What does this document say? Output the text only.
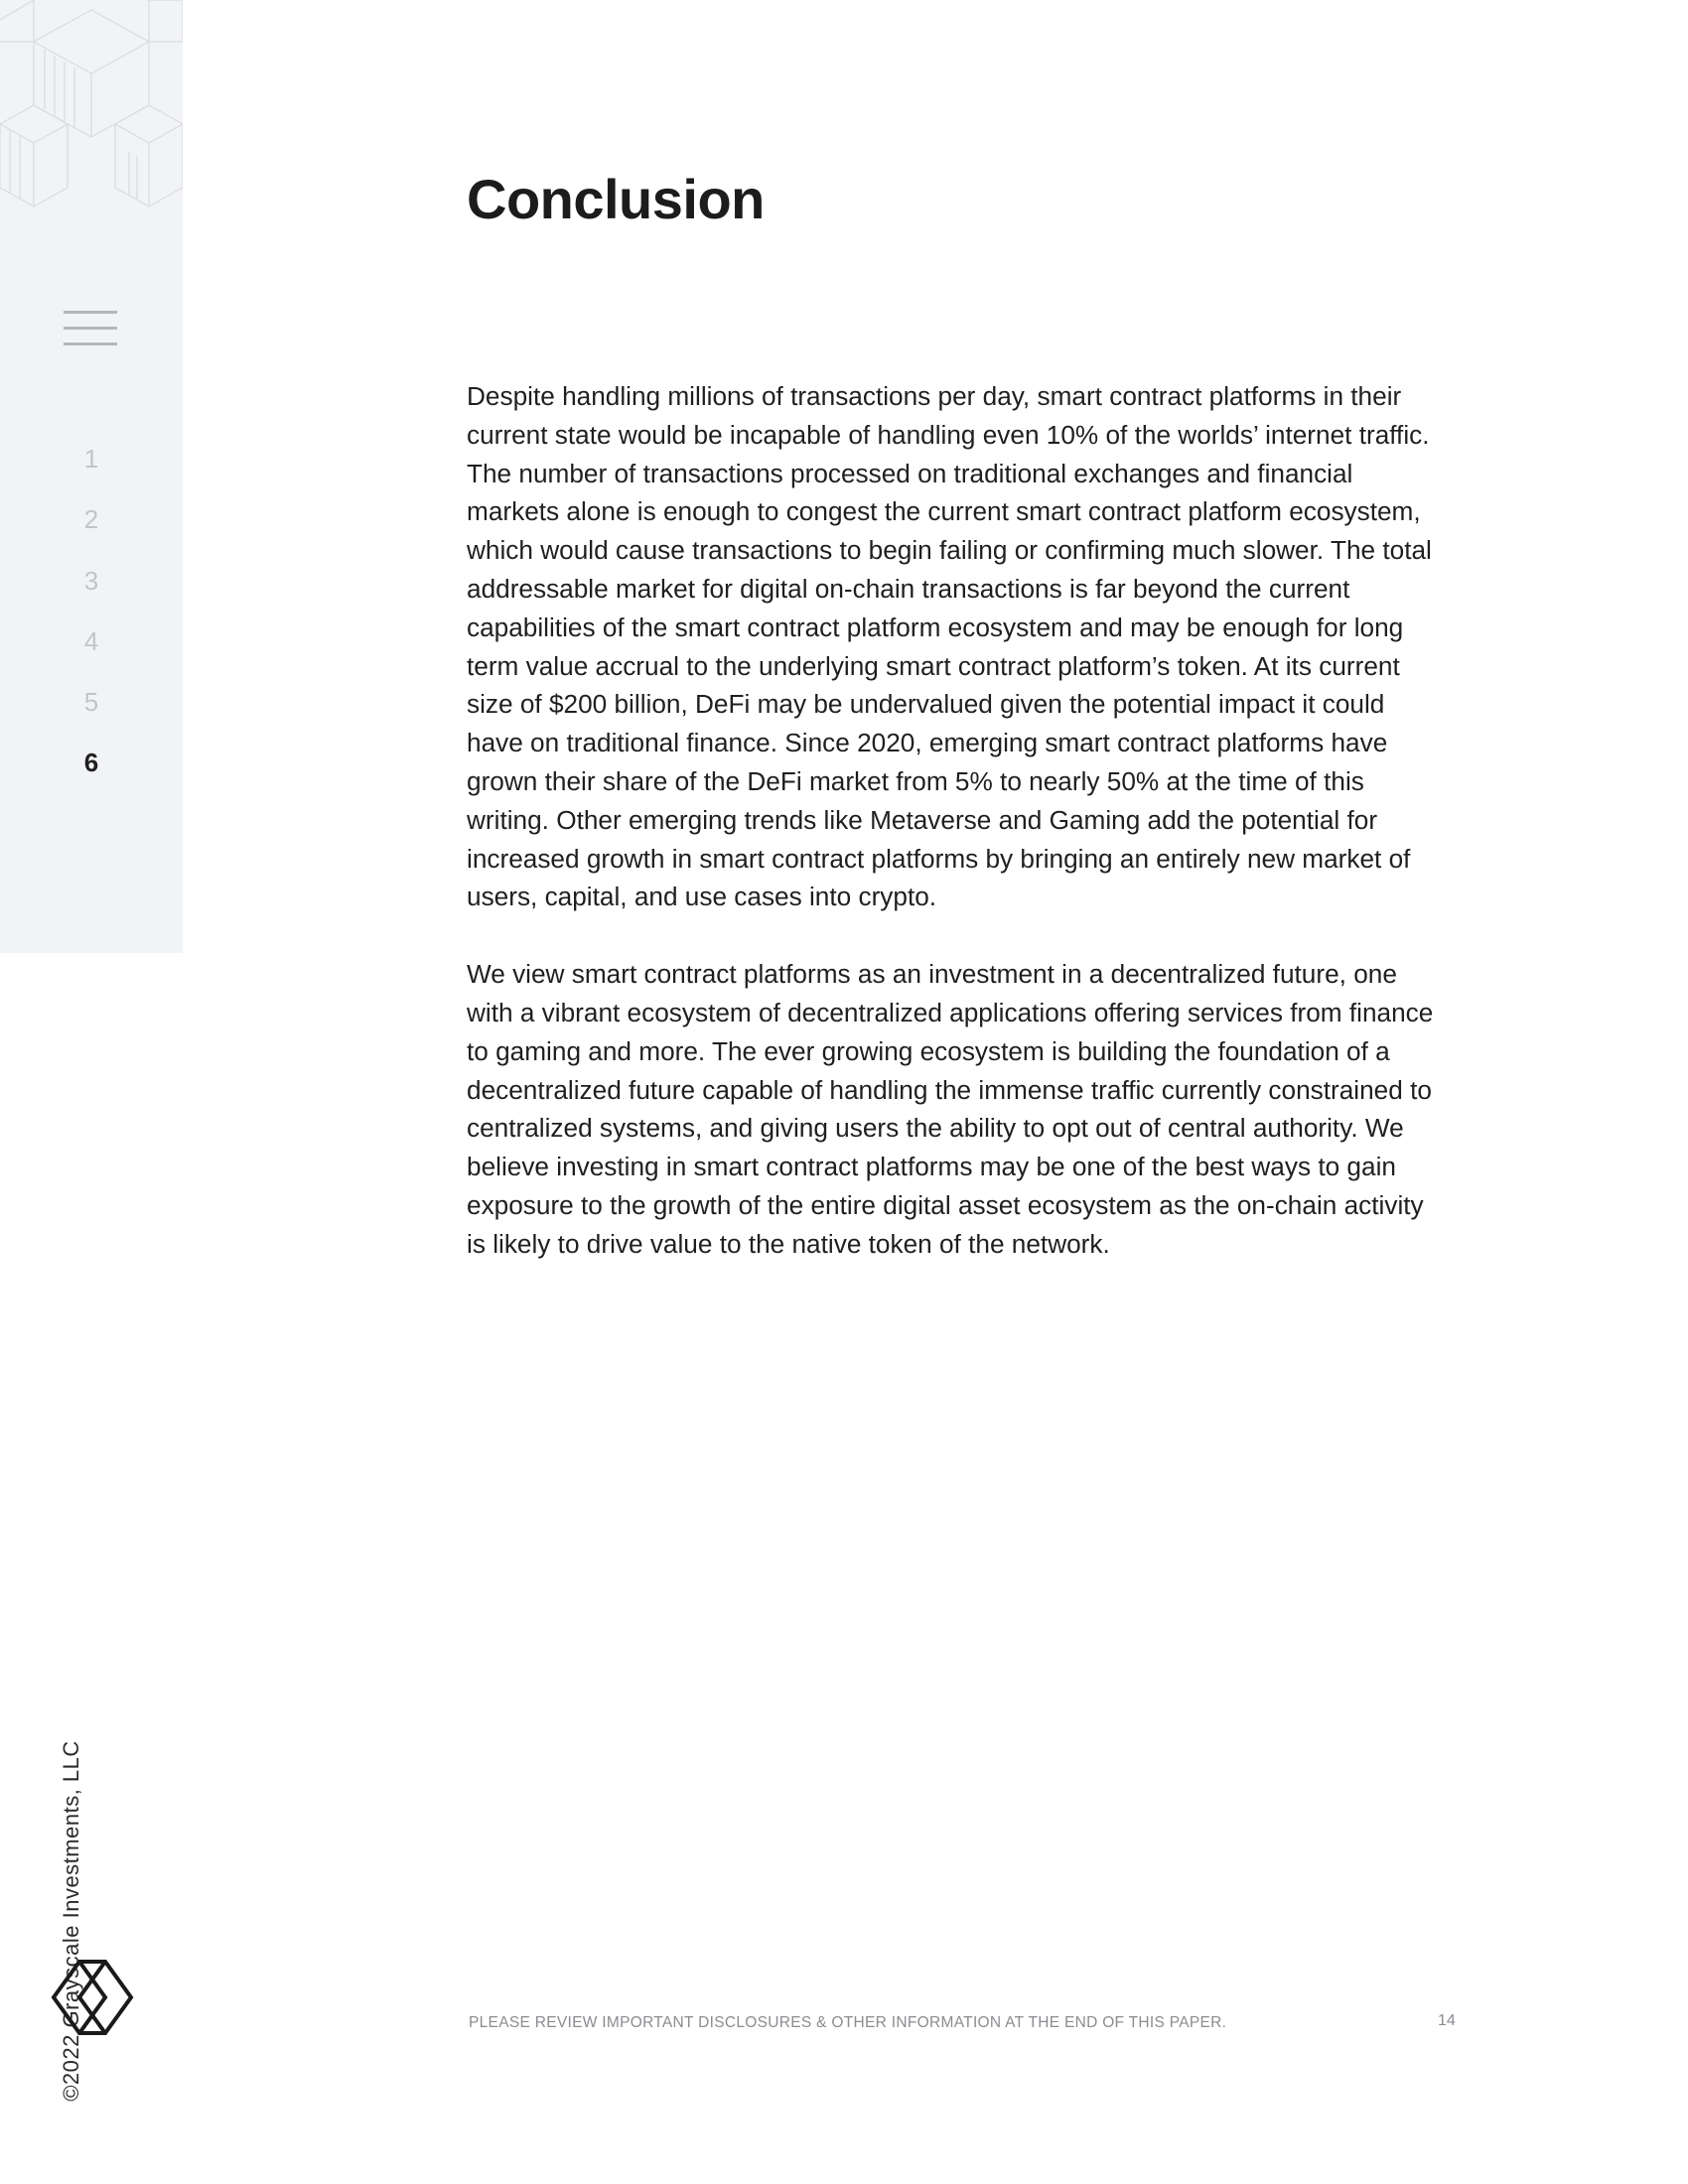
1
2
3
4
5
6
©2022 Grayscale Investments, LLC
Conclusion

Despite handling millions of transactions per day, smart contract platforms in their current state would be incapable of handling even 10% of the worlds’ internet traffic. The number of transactions processed on traditional exchanges and financial markets alone is enough to congest the current smart contract platform ecosystem, which would cause transactions to begin failing or confirming much slower. The total addressable market for digital on-chain transactions is far beyond the current capabilities of the smart contract platform ecosystem and may be enough for long term value accrual to the underlying smart contract platform’s token. At its current size of $200 billion, DeFi may be undervalued given the potential impact it could have on traditional finance. Since 2020, emerging smart contract platforms have grown their share of the DeFi market from 5% to nearly 50% at the time of this writing. Other emerging trends like Metaverse and Gaming add the potential for increased growth in smart contract platforms by bringing an entirely new market of users, capital, and use cases into crypto.

We view smart contract platforms as an investment in a decentralized future, one with a vibrant ecosystem of decentralized applications offering services from finance to gaming and more. The ever growing ecosystem is building the foundation of a decentralized future capable of handling the immense traffic currently constrained to centralized systems, and giving users the ability to opt out of central authority. We believe investing in smart contract platforms may be one of the best ways to gain exposure to the growth of the entire digital asset ecosystem as the on-chain activity is likely to drive value to the native token of the network.

PLEASE REVIEW IMPORTANT DISCLOSURES & OTHER INFORMATION AT THE END OF THIS PAPER.	14
